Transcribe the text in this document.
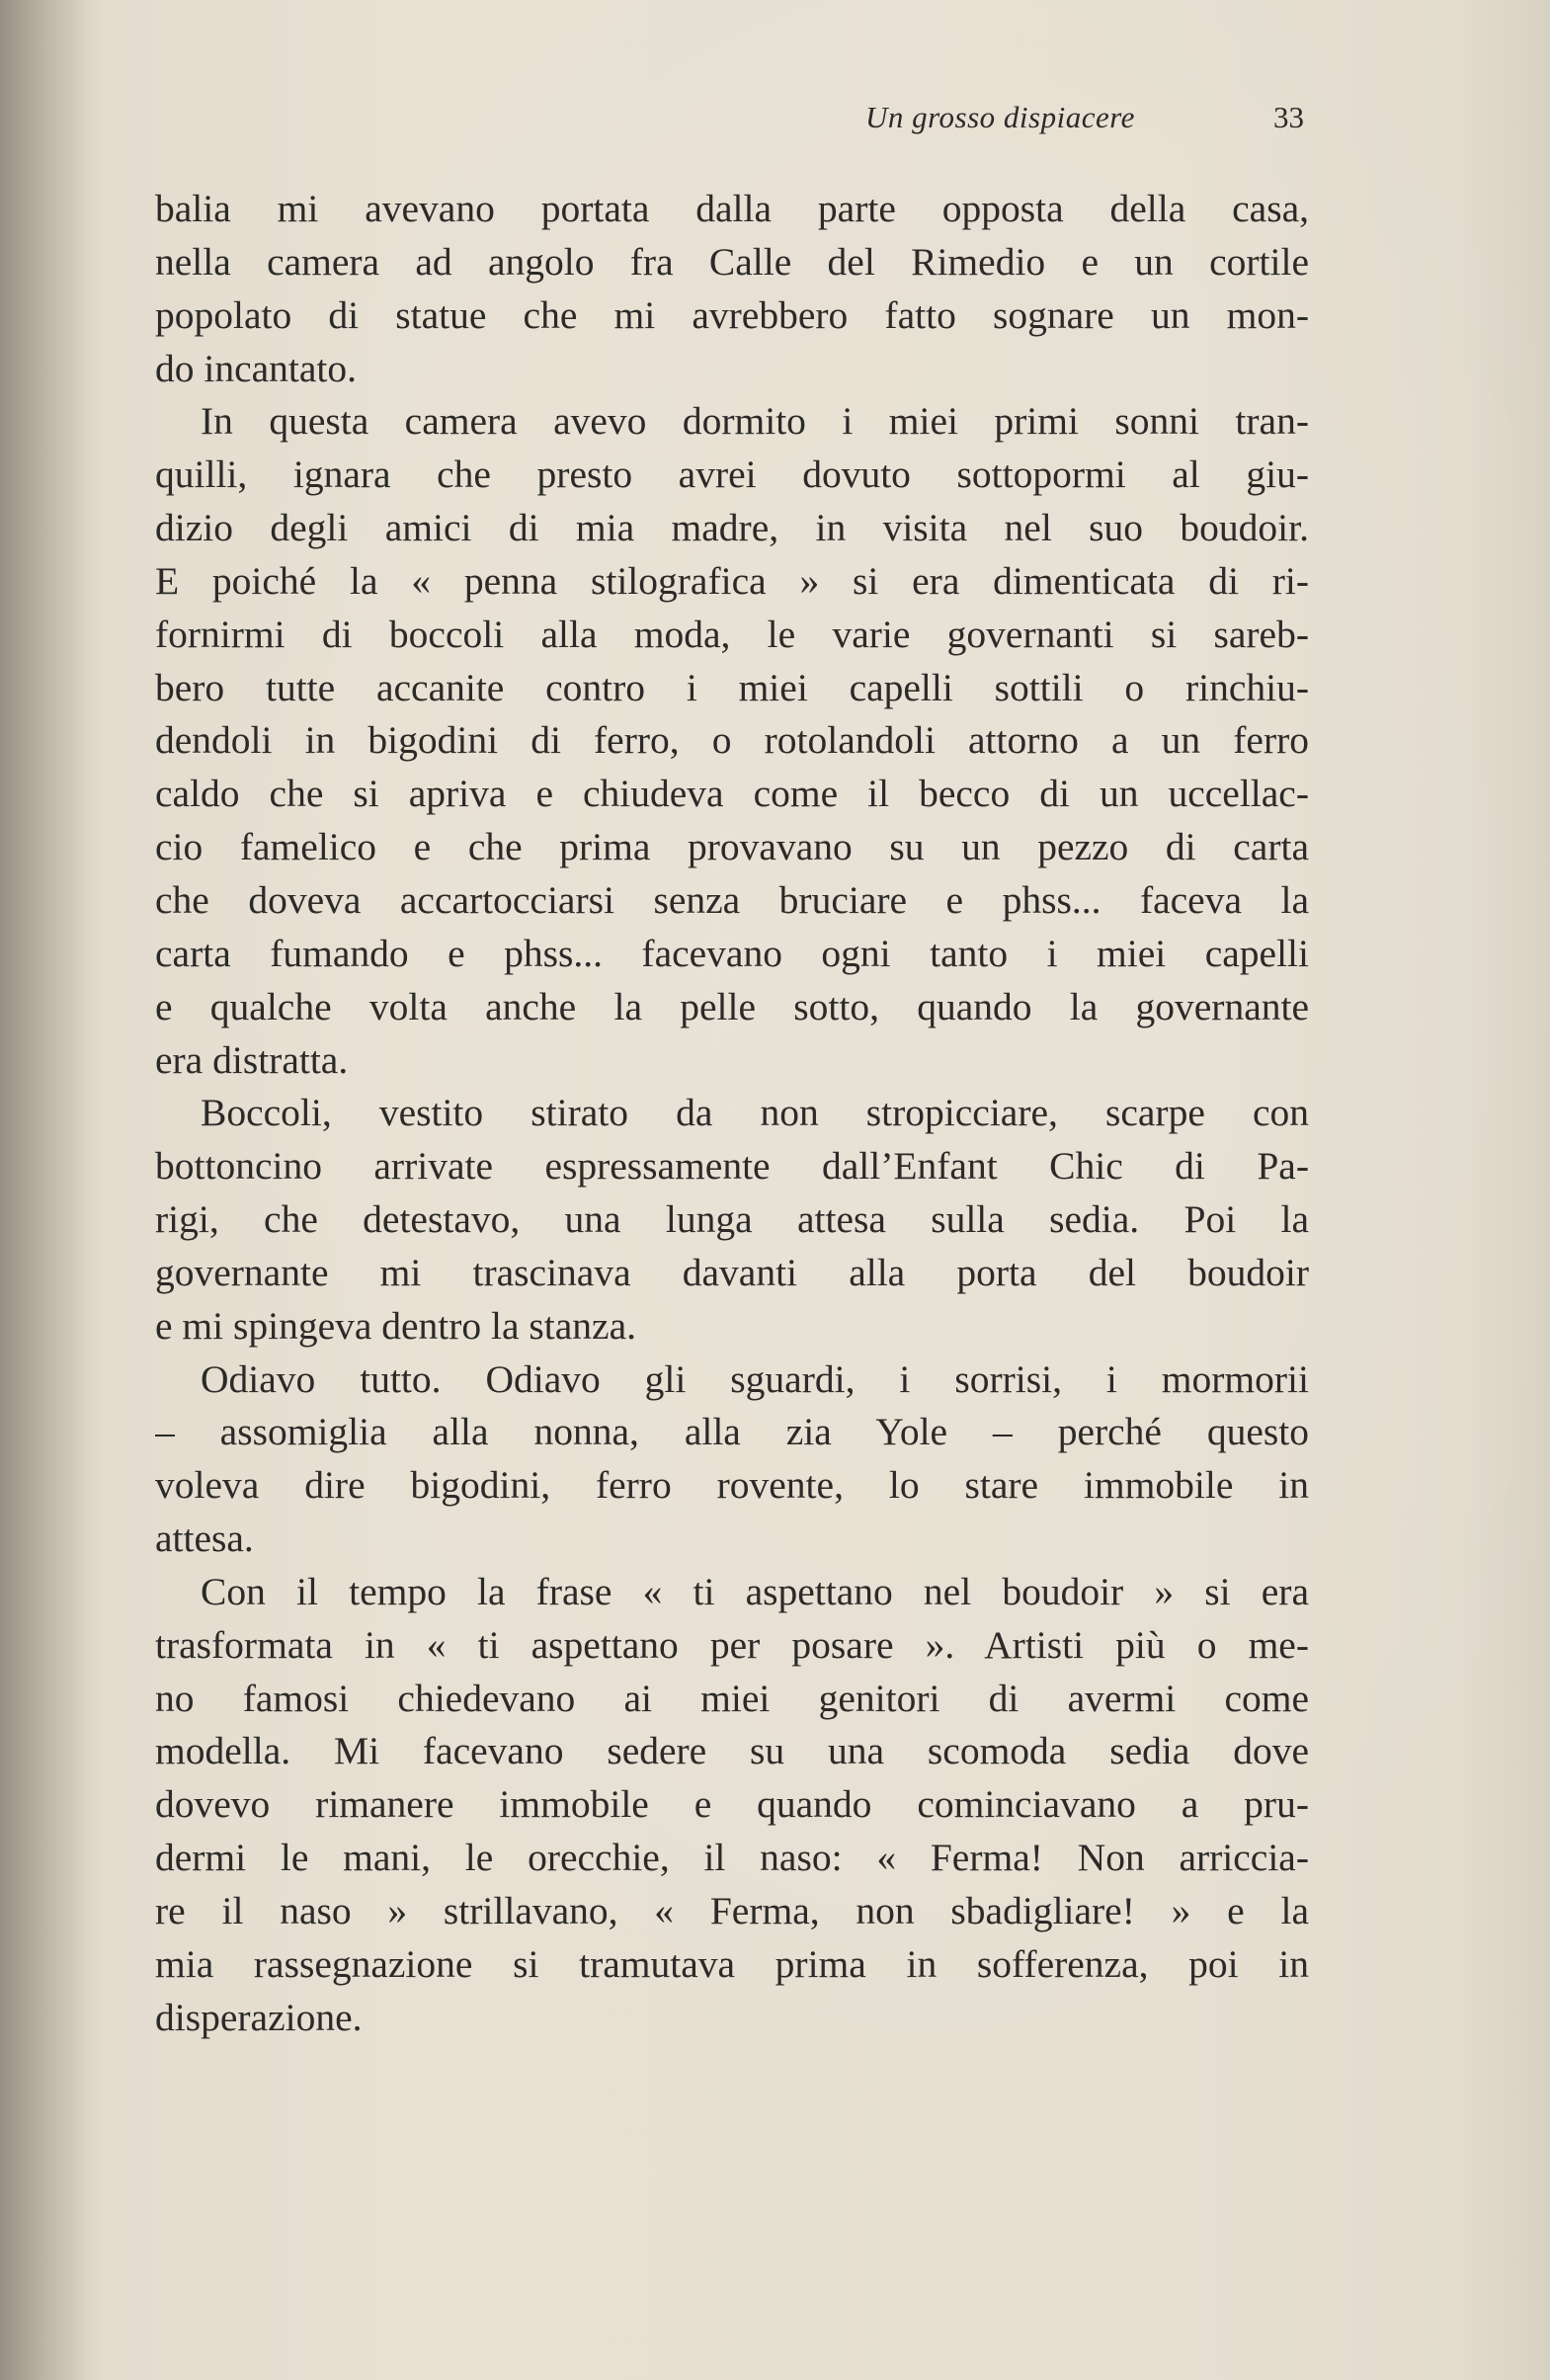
Un grosso dispiacere	33
balia mi avevano portata dalla parte opposta della casa,
nella camera ad angolo fra Calle del Rimedio e un cortile
popolato di statue che mi avrebbero fatto sognare un mon-
do incantato.
In questa camera avevo dormito i miei primi sonni tran-
quilli, ignara che presto avrei dovuto sottopormi al giu-
dizio degli amici di mia madre, in visita nel suo boudoir.
E poiché la « penna stilografica » si era dimenticata di ri-
fornirmi di boccoli alla moda, le varie governanti si sareb-
bero tutte accanite contro i miei capelli sottili o rinchiu-
dendoli in bigodini di ferro, o rotolandoli attorno a un ferro
caldo che si apriva e chiudeva come il becco di un uccellac-
cio famelico e che prima provavano su un pezzo di carta
che doveva accartocciarsi senza bruciare e phss... faceva la
carta fumando e phss... facevano ogni tanto i miei capelli
e qualche volta anche la pelle sotto, quando la governante
era distratta.
Boccoli, vestito stirato da non stropicciare, scarpe con
bottoncino arrivate espressamente dall’Enfant Chic di Pa-
rigi, che detestavo, una lunga attesa sulla sedia. Poi la
governante mi trascinava davanti alla porta del boudoir
e mi spingeva dentro la stanza.
Odiavo tutto. Odiavo gli sguardi, i sorrisi, i mormorii
– assomiglia alla nonna, alla zia Yole – perché questo
voleva dire bigodini, ferro rovente, lo stare immobile in
attesa.
Con il tempo la frase « ti aspettano nel boudoir » si era
trasformata in « ti aspettano per posare ». Artisti più o me-
no famosi chiedevano ai miei genitori di avermi come
modella. Mi facevano sedere su una scomoda sedia dove
dovevo rimanere immobile e quando cominciavano a pru-
dermi le mani, le orecchie, il naso: « Ferma! Non arriccia-
re il naso » strillavano, « Ferma, non sbadigliare! » e la
mia rassegnazione si tramutava prima in sofferenza, poi in
disperazione.
